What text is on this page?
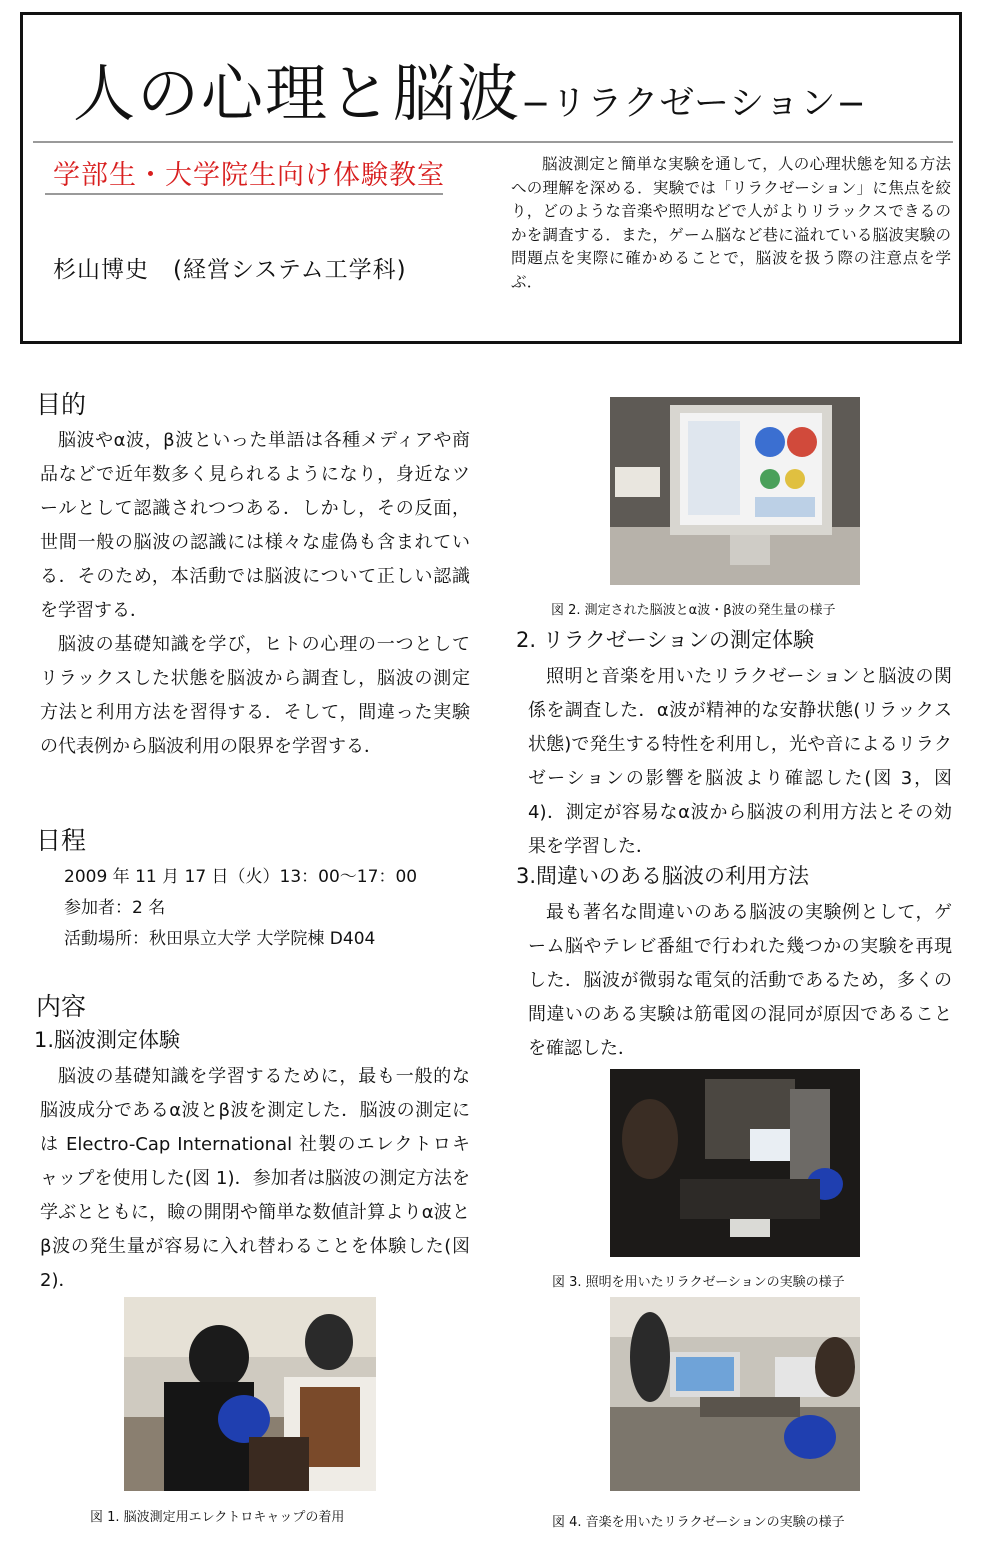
人の心理と脳波−リラクゼーション−
学部生・大学院生向け体験教室
杉山博史　(経営システム工学科)
脳波測定と簡単な実験を通して，人の心理状態を知る方法への理解を深める．実験では「リラクゼーション」に焦点を絞り，どのような音楽や照明などで人がよりリラックスできるのかを調査する．また，ゲーム脳など巷に溢れている脳波実験の問題点を実際に確かめることで，脳波を扱う際の注意点を学ぶ．
目的

脳波やα波，β波といった単語は各種メディアや商品などで近年数多く見られるようになり，身近なツールとして認識されつつある．しかし，その反面，世間一般の脳波の認識には様々な虚偽も含まれている．そのため，本活動では脳波について正しい認識を学習する．

脳波の基礎知識を学び，ヒトの心理の一つとしてリラックスした状態を脳波から調査し，脳波の測定方法と利用方法を習得する．そして，間違った実験の代表例から脳波利用の限界を学習する．

日程
2009 年 11 月 17 日（火）13：00〜17：00
参加者：2 名
活動場所：秋田県立大学 大学院棟 D404
内容
1.脳波測定体験

脳波の基礎知識を学習するために，最も一般的な脳波成分であるα波とβ波を測定した．脳波の測定には Electro-Cap International 社製のエレクトロキャップを使用した(図 1)．参加者は脳波の測定方法を学ぶとともに，瞼の開閉や簡単な数値計算よりα波とβ波の発生量が容易に入れ替わることを体験した(図 2)．

図 1. 脳波測定用エレクトロキャップの着用
図 2. 測定された脳波とα波・β波の発生量の様子
2. リラクゼーションの測定体験

照明と音楽を用いたリラクゼーションと脳波の関係を調査した．α波が精神的な安静状態(リラックス状態)で発生する特性を利用し，光や音によるリラクゼーションの影響を脳波より確認した(図 3，図 4)．測定が容易なα波から脳波の利用方法とその効果を学習した．

3.間違いのある脳波の利用方法

最も著名な間違いのある脳波の実験例として，ゲーム脳やテレビ番組で行われた幾つかの実験を再現した．脳波が微弱な電気的活動であるため，多くの間違いのある実験は筋電図の混同が原因であることを確認した．

図 3. 照明を用いたリラクゼーションの実験の様子
図 4. 音楽を用いたリラクゼーションの実験の様子
